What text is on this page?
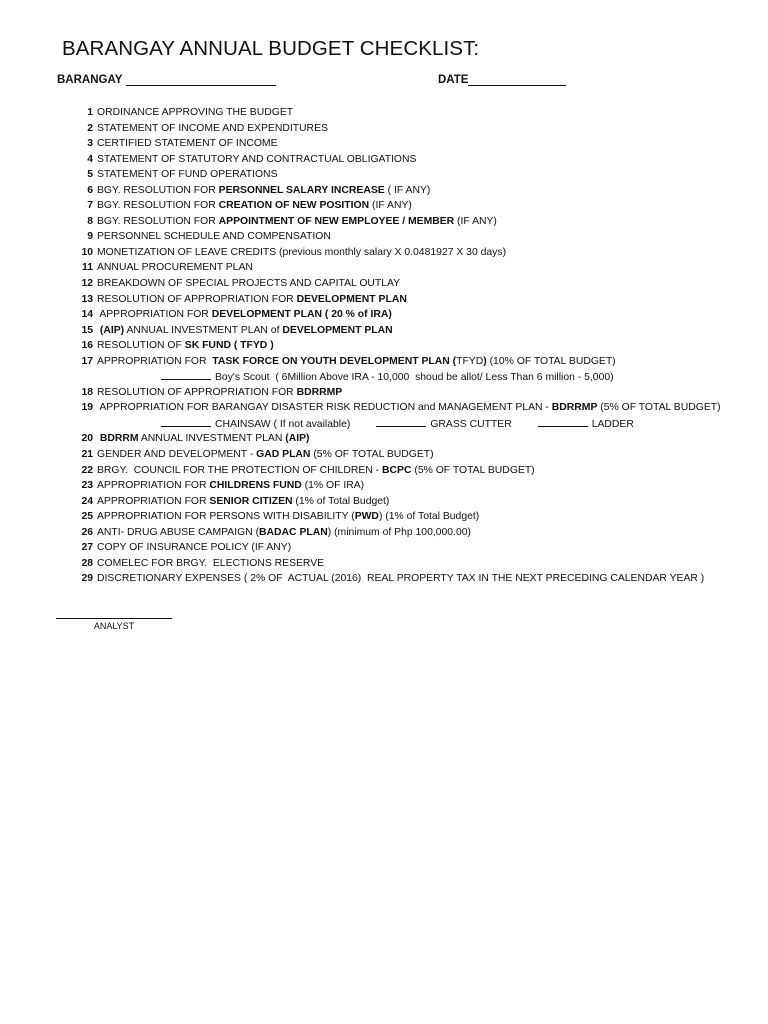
BARANGAY ANNUAL BUDGET CHECKLIST:
BARANGAY	DATE
1 ORDINANCE APPROVING THE BUDGET
2 STATEMENT OF INCOME AND EXPENDITURES
3 CERTIFIED STATEMENT OF INCOME
4 STATEMENT OF STATUTORY AND CONTRACTUAL OBLIGATIONS
5 STATEMENT OF FUND OPERATIONS
6 BGY. RESOLUTION FOR PERSONNEL SALARY INCREASE ( IF ANY)
7 BGY. RESOLUTION FOR CREATION OF NEW POSITION (IF ANY)
8 BGY. RESOLUTION FOR APPOINTMENT OF NEW EMPLOYEE / MEMBER (IF ANY)
9 PERSONNEL SCHEDULE AND COMPENSATION
10 MONETIZATION OF LEAVE CREDITS (previous monthly salary X 0.0481927 X 30 days)
11 ANNUAL PROCUREMENT PLAN
12 BREAKDOWN OF SPECIAL PROJECTS AND CAPITAL OUTLAY
13 RESOLUTION OF APPROPRIATION FOR DEVELOPMENT PLAN
14 APPROPRIATION FOR DEVELOPMENT PLAN ( 20 % of IRA)
15 (AIP) ANNUAL INVESTMENT PLAN of DEVELOPMENT PLAN
16 RESOLUTION OF SK FUND ( TFYD )
17 APPROPRIATION FOR  TASK FORCE ON YOUTH DEVELOPMENT PLAN (TFYD) (10% OF TOTAL BUDGET)
Boy's Scout  ( 6Million Above IRA - 10,000  shoud be allot/ Less Than 6 million - 5,000)
18 RESOLUTION OF APPROPRIATION FOR BDRRMP
19 APPROPRIATION FOR BARANGAY DISASTER RISK REDUCTION and MANAGEMENT PLAN - BDRRMP (5% OF TOTAL BUDGET)
CHAINSAW ( If not available)	GRASS CUTTER	LADDER
20 BDRRM ANNUAL INVESTMENT PLAN (AIP)
21 GENDER AND DEVELOPMENT - GAD PLAN (5% OF TOTAL BUDGET)
22 BRGY.  COUNCIL FOR THE PROTECTION OF CHILDREN - BCPC (5% OF TOTAL BUDGET)
23 APPROPRIATION FOR CHILDRENS FUND (1% OF IRA)
24 APPROPRIATION FOR SENIOR CITIZEN (1% of Total Budget)
25 APPROPRIATION FOR PERSONS WITH DISABILITY (PWD) (1% of Total Budget)
26 ANTI- DRUG ABUSE CAMPAIGN (BADAC PLAN) (minimum of Php 100,000.00)
27 COPY OF INSURANCE POLICY (IF ANY)
28 COMELEC FOR BRGY.  ELECTIONS RESERVE
29 DISCRETIONARY EXPENSES ( 2% OF  ACTUAL (2016)  REAL PROPERTY TAX IN THE NEXT PRECEDING CALENDAR YEAR )
ANALYST
